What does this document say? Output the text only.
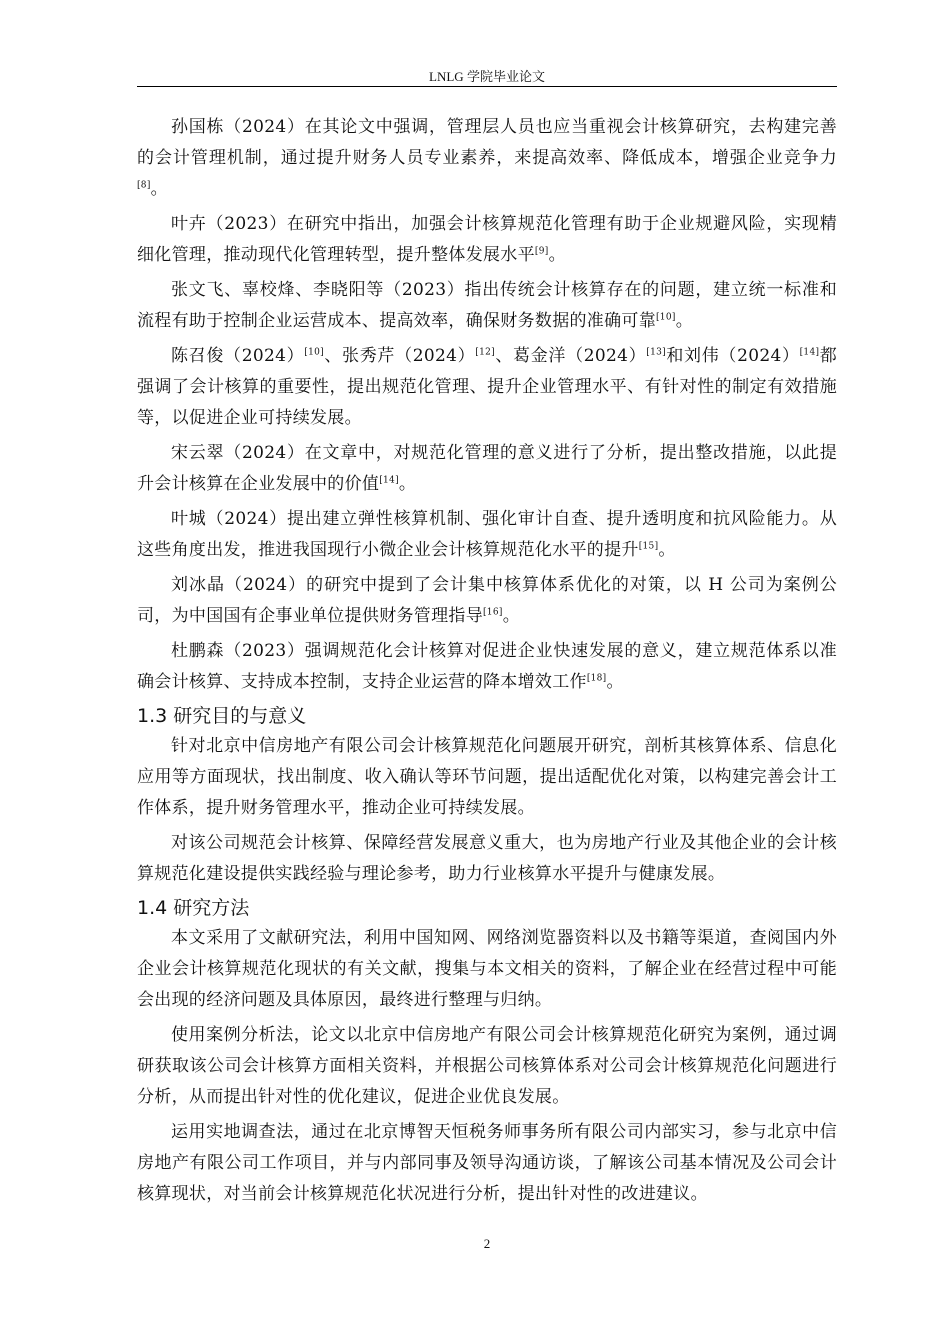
LNLG 学院毕业论文

孙国栋（2024）在其论文中强调，管理层人员也应当重视会计核算研究，去构建完善的会计管理机制，通过提升财务人员专业素养，来提高效率、降低成本，增强企业竞争力[8]。

叶卉（2023）在研究中指出，加强会计核算规范化管理有助于企业规避风险，实现精细化管理，推动现代化管理转型，提升整体发展水平[9]。

张文飞、辜校烽、李晓阳等（2023）指出传统会计核算存在的问题，建立统一标准和流程有助于控制企业运营成本、提高效率，确保财务数据的准确可靠[10]。

陈召俊（2024）[10]、张秀芹（2024）[12]、葛金洋（2024）[13]和刘伟（2024）[14]都强调了会计核算的重要性，提出规范化管理、提升企业管理水平、有针对性的制定有效措施等，以促进企业可持续发展。

宋云翠（2024）在文章中，对规范化管理的意义进行了分析，提出整改措施，以此提升会计核算在企业发展中的价值[14]。

叶城（2024）提出建立弹性核算机制、强化审计自查、提升透明度和抗风险能力。从这些角度出发，推进我国现行小微企业会计核算规范化水平的提升[15]。

刘冰晶（2024）的研究中提到了会计集中核算体系优化的对策，以 H 公司为案例公司，为中国国有企事业单位提供财务管理指导[16]。

杜鹏森（2023）强调规范化会计核算对促进企业快速发展的意义，建立规范体系以准确会计核算、支持成本控制，支持企业运营的降本增效工作[18]。

1.3 研究目的与意义

针对北京中信房地产有限公司会计核算规范化问题展开研究，剖析其核算体系、信息化应用等方面现状，找出制度、收入确认等环节问题，提出适配优化对策，以构建完善会计工作体系，提升财务管理水平，推动企业可持续发展。

对该公司规范会计核算、保障经营发展意义重大，也为房地产行业及其他企业的会计核算规范化建设提供实践经验与理论参考，助力行业核算水平提升与健康发展。

1.4 研究方法

本文采用了文献研究法，利用中国知网、网络浏览器资料以及书籍等渠道，查阅国内外企业会计核算规范化现状的有关文献，搜集与本文相关的资料，了解企业在经营过程中可能会出现的经济问题及具体原因，最终进行整理与归纳。

使用案例分析法，论文以北京中信房地产有限公司会计核算规范化研究为案例，通过调研获取该公司会计核算方面相关资料，并根据公司核算体系对公司会计核算规范化问题进行分析，从而提出针对性的优化建议，促进企业优良发展。

运用实地调查法，通过在北京博智天恒税务师事务所有限公司内部实习，参与北京中信房地产有限公司工作项目，并与内部同事及领导沟通访谈，了解该公司基本情况及公司会计核算现状，对当前会计核算规范化状况进行分析，提出针对性的改进建议。

2
